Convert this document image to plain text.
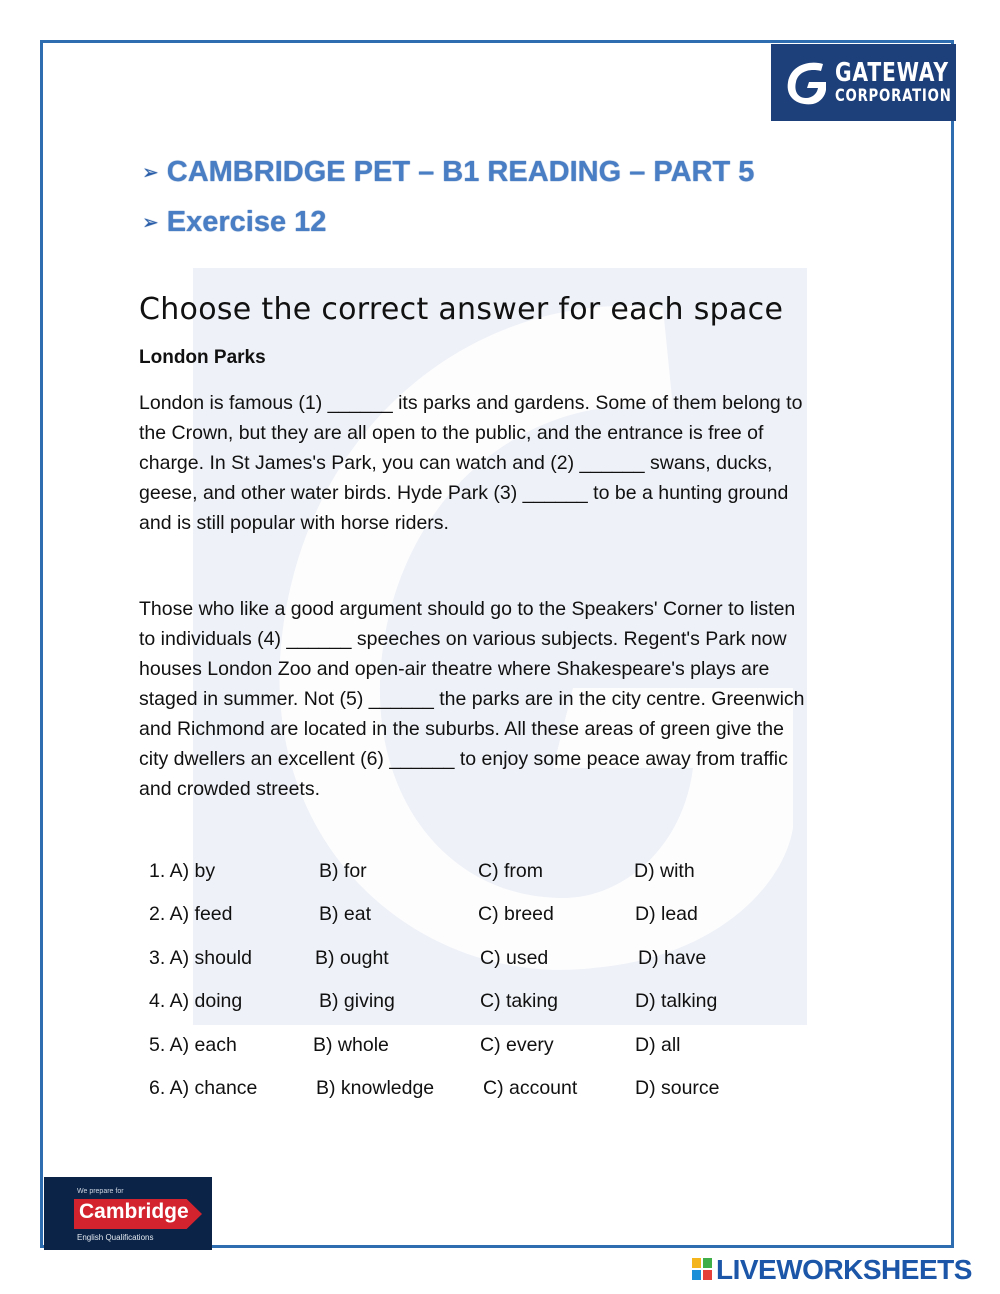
GATEWAY
CORPORATION
➢ CAMBRIDGE PET – B1 READING – PART 5
➢ Exercise 12
Choose the correct answer for each space
London Parks
London is famous (1) ______ its parks and gardens. Some of them belong to
the Crown, but they are all open to the public, and the entrance is free of
charge. In St James's Park, you can watch and (2) ______ swans, ducks,
geese, and other water birds. Hyde Park (3) ______ to be a hunting ground
and is still popular with horse riders.
Those who like a good argument should go to the Speakers' Corner to listen
to individuals (4) ______ speeches on various subjects. Regent's Park now
houses London Zoo and open-air theatre where Shakespeare's plays are
staged in summer. Not (5) ______ the parks are in the city centre. Greenwich
and Richmond are located in the suburbs. All these areas of green give the
city dwellers an excellent (6) ______ to enjoy some peace away from traffic
and crowded streets.
1. A) by	B) for	C) from	D) with
2. A) feed	B) eat	C) breed	D) lead
3. A) should	B) ought	C) used	D) have
4. A) doing	B) giving	C) taking	D) talking
5. A) each	B) whole	C) every	D) all
6. A) chance	B) knowledge	C) account	D) source
We prepare for
Cambridge
English Qualifications
LIVEWORKSHEETS
